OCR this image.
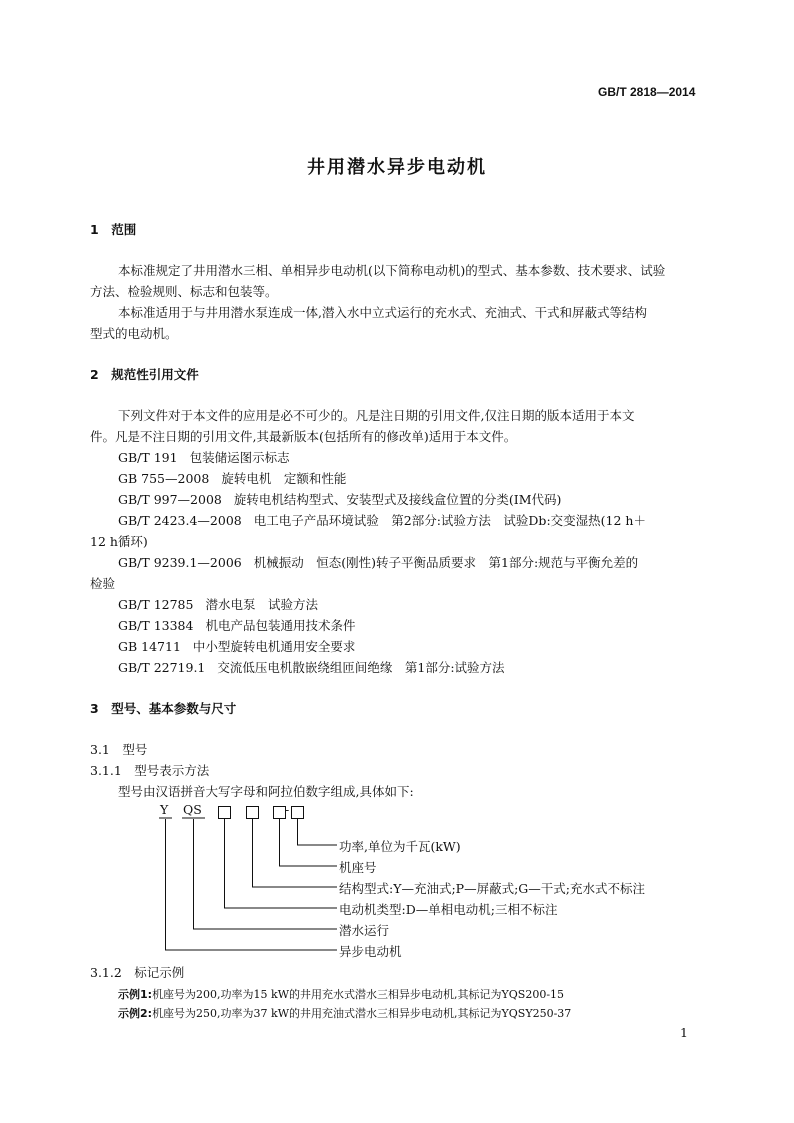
GB/T 2818—2014
井用潜水异步电动机
1　范围
本标准规定了井用潜水三相、单相异步电动机(以下简称电动机)的型式、基本参数、技术要求、试验
方法、检验规则、标志和包装等。
本标准适用于与井用潜水泵连成一体,潜入水中立式运行的充水式、充油式、干式和屏蔽式等结构
型式的电动机。
2　规范性引用文件
下列文件对于本文件的应用是必不可少的。凡是注日期的引用文件,仅注日期的版本适用于本文
件。凡是不注日期的引用文件,其最新版本(包括所有的修改单)适用于本文件。
GB/T 191 包装储运图示标志
GB 755—2008 旋转电机　定额和性能
GB/T 997—2008 旋转电机结构型式、安装型式及接线盒位置的分类(IM代码)
GB/T 2423.4—2008 电工电子产品环境试验　第2部分:试验方法　试验Db:交变湿热(12 h＋
12 h循环)
GB/T 9239.1—2006 机械振动　恒态(刚性)转子平衡品质要求　第1部分:规范与平衡允差的
检验
GB/T 12785 潜水电泵　试验方法
GB/T 13384 机电产品包装通用技术条件
GB 14711 中小型旋转电机通用安全要求
GB/T 22719.1 交流低压电机散嵌绕组匝间绝缘　第1部分:试验方法
3　型号、基本参数与尺寸
3.1　型号
3.1.1　型号表示方法
型号由汉语拼音大写字母和阿拉伯数字组成,具体如下:
Y QS	-
功率,单位为千瓦(kW)
机座号
结构型式:Y—充油式;P—屏蔽式;G—干式;充水式不标注
电动机类型:D—单相电动机;三相不标注
潜水运行
异步电动机
3.1.2　标记示例
示例1:机座号为200,功率为15 kW的井用充水式潜水三相异步电动机,其标记为YQS200-15
示例2:机座号为250,功率为37 kW的井用充油式潜水三相异步电动机,其标记为YQSY250-37
1
